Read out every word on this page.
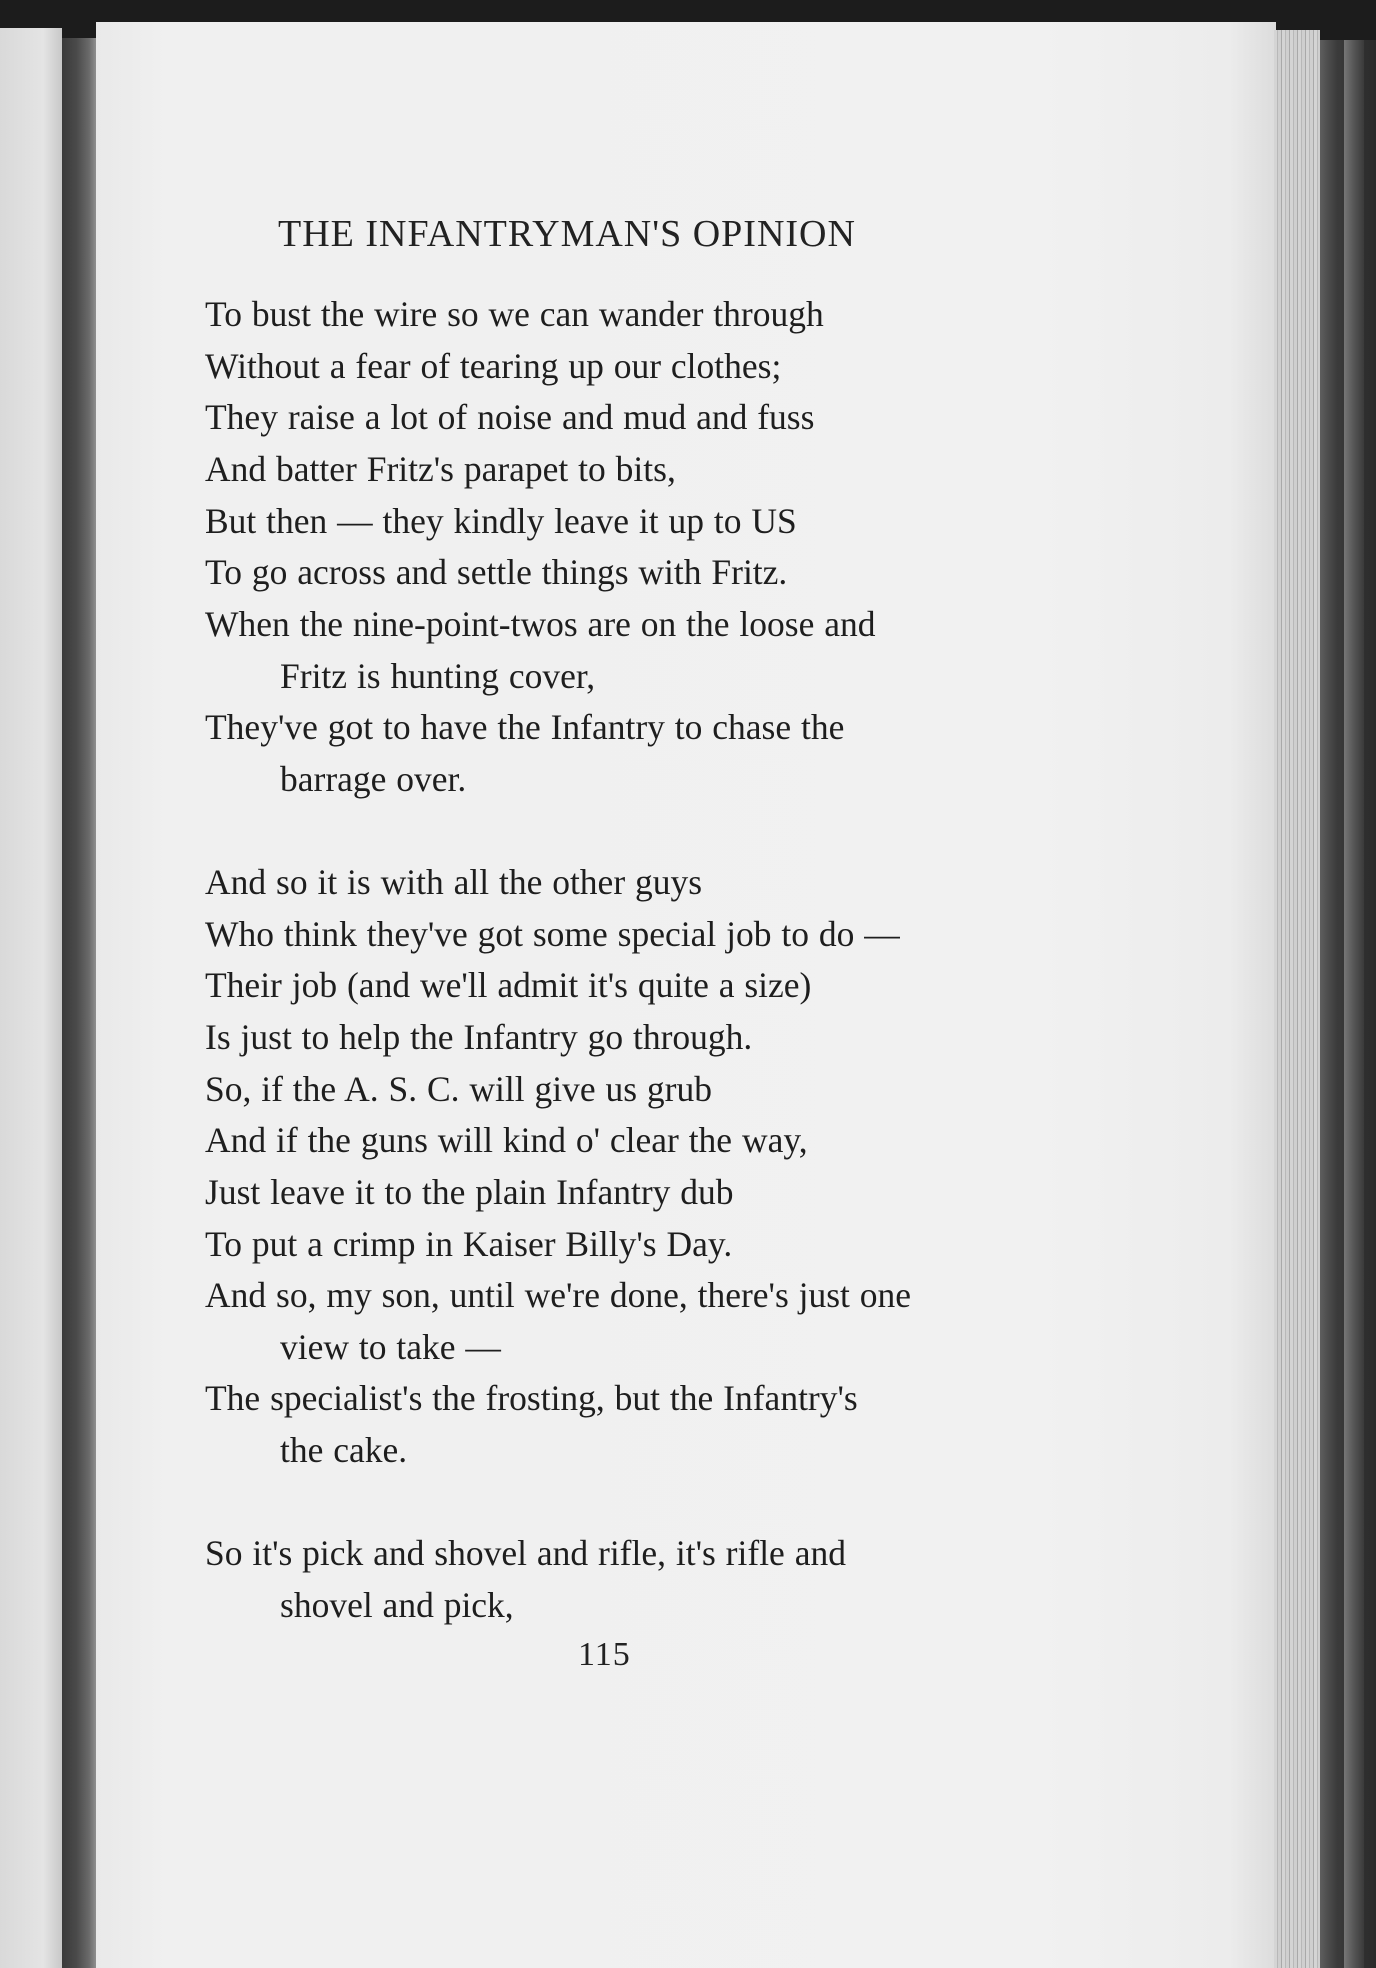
THE INFANTRYMAN'S OPINION
To bust the wire so we can wander through
Without a fear of tearing up our clothes;
They raise a lot of noise and mud and fuss
And batter Fritz's parapet to bits,
But then — they kindly leave it up to US
To go across and settle things with Fritz.
When the nine-point-twos are on the loose and
Fritz is hunting cover,
They've got to have the Infantry to chase the
barrage over.
And so it is with all the other guys
Who think they've got some special job to do —
Their job (and we'll admit it's quite a size)
Is just to help the Infantry go through.
So, if the A. S. C. will give us grub
And if the guns will kind o' clear the way,
Just leave it to the plain Infantry dub
To put a crimp in Kaiser Billy's Day.
And so, my son, until we're done, there's just one
view to take —
The specialist's the frosting, but the Infantry's
the cake.
So it's pick and shovel and rifle, it's rifle and
shovel and pick,
115
